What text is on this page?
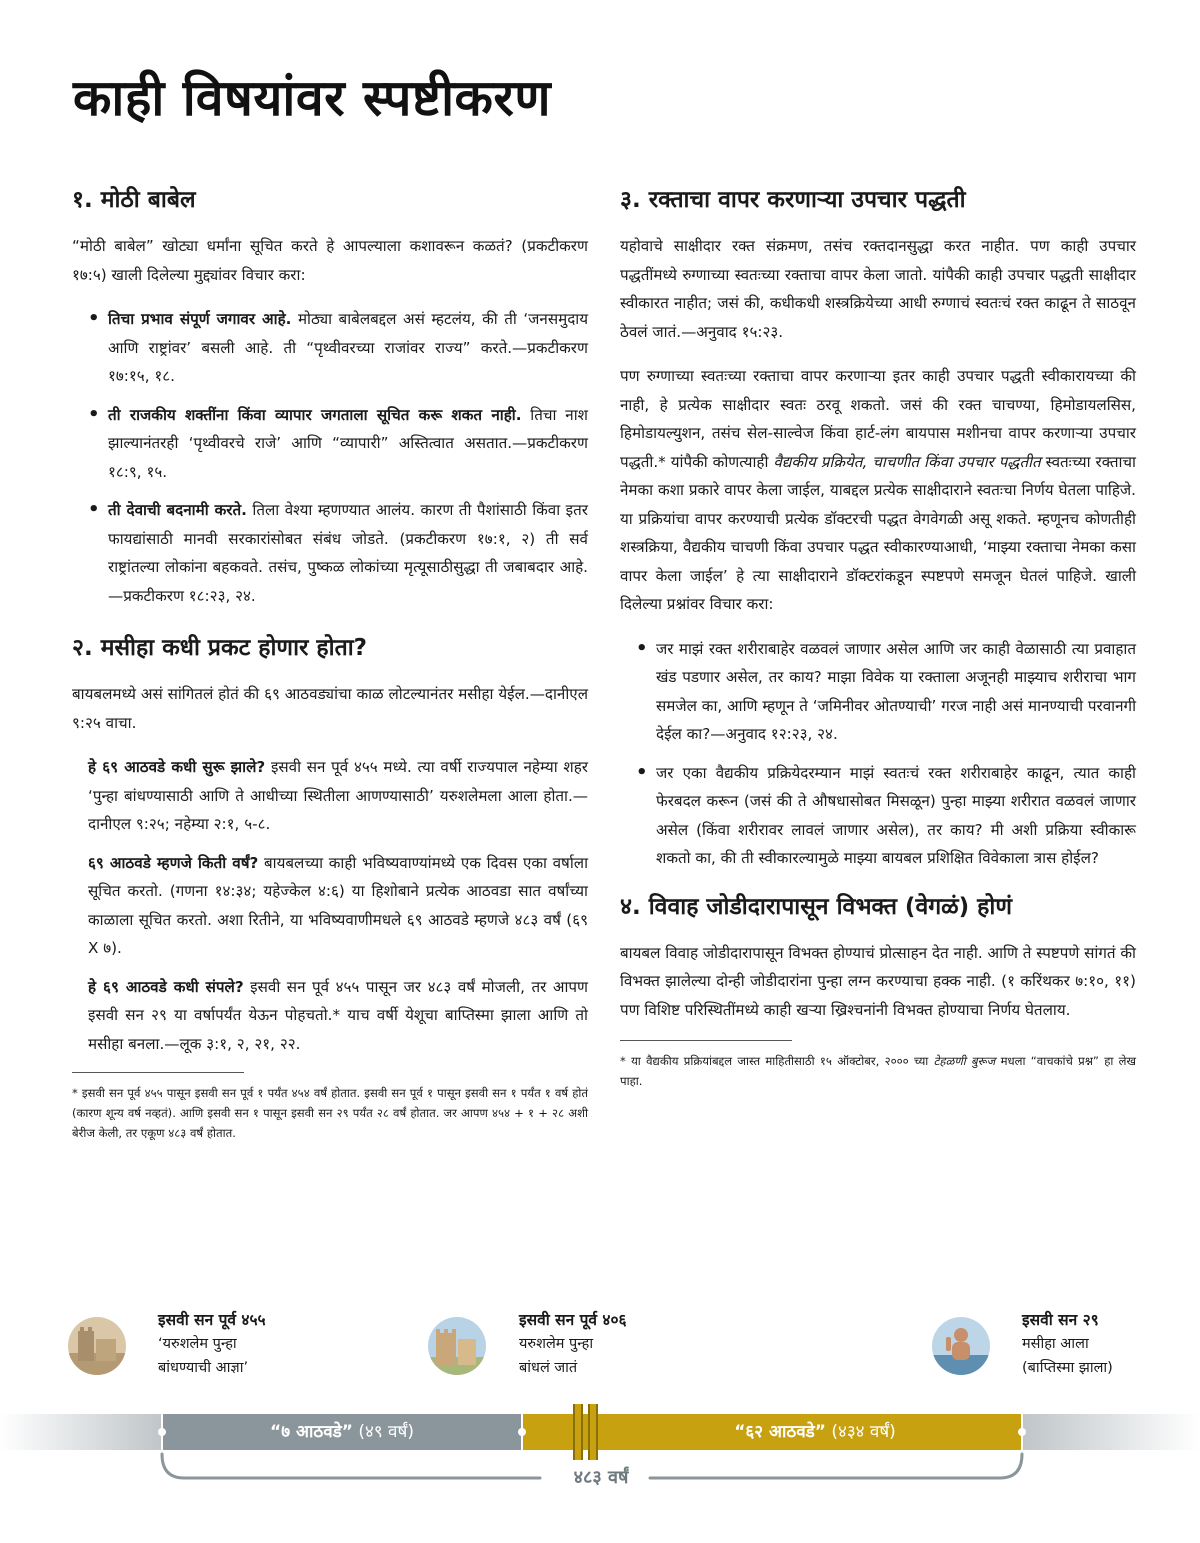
काही विषयांवर स्पष्टीकरण
१. मोठी बाबेल

“मोठी बाबेल” खोट्या धर्मांना सूचित करते हे आपल्याला कशावरून कळतं? (प्रकटीकरण १७:५) खाली दिलेल्या मुद्द्यांवर विचार करा:

• तिचा प्रभाव संपूर्ण जगावर आहे. मोठ्या बाबेलबद्दल असं म्हटलंय, की ती ‘जनसमुदाय आणि राष्ट्रांवर’ बसली आहे. ती “पृथ्वीवरच्या राजांवर राज्य” करते.—प्रकटीकरण १७:१५, १८.
• ती राजकीय शक्तींना किंवा व्यापार जगताला सूचित करू शकत नाही. तिचा नाश झाल्यानंतरही ‘पृथ्वीवरचे राजे’ आणि “व्यापारी” अस्तित्वात असतात.—प्रकटीकरण १८:९, १५.
• ती देवाची बदनामी करते. तिला वेश्या म्हणण्यात आलंय. कारण ती पैशांसाठी किंवा इतर फायद्यांसाठी मानवी सरकारांसोबत संबंध जोडते. (प्रकटीकरण १७:१, २) ती सर्व राष्ट्रांतल्या लोकांना बहकवते. तसंच, पुष्कळ लोकांच्या मृत्यूसाठीसुद्धा ती जबाबदार आहे.—प्रकटीकरण १८:२३, २४.
२. मसीहा कधी प्रकट होणार होता?

बायबलमध्ये असं सांगितलं होतं की ६९ आठवड्यांचा काळ लोटल्यानंतर मसीहा येईल.—दानीएल ९:२५ वाचा.

हे ६९ आठवडे कधी सुरू झाले? इसवी सन पूर्व ४५५ मध्ये. त्या वर्षी राज्यपाल नहेम्या शहर ‘पुन्हा बांधण्यासाठी आणि ते आधीच्या स्थितीला आणण्यासाठी’ यरुशलेमला आला होता.—दानीएल ९:२५; नहेम्या २:१, ५-८.

६९ आठवडे म्हणजे किती वर्षं? बायबलच्या काही भविष्यवाण्यांमध्ये एक दिवस एका वर्षाला सूचित करतो. (गणना १४:३४; यहेज्केल ४:६) या हिशोबाने प्रत्येक आठवडा सात वर्षांच्या काळाला सूचित करतो. अशा रितीने, या भविष्यवाणीमधले ६९ आठवडे म्हणजे ४८३ वर्षं (६९ X ७).

हे ६९ आठवडे कधी संपले? इसवी सन पूर्व ४५५ पासून जर ४८३ वर्षं मोजली, तर आपण इसवी सन २९ या वर्षापर्यंत येऊन पोहचतो.* याच वर्षी येशूचा बाप्तिस्मा झाला आणि तो मसीहा बनला.—लूक ३:१, २, २१, २२.

* इसवी सन पूर्व ४५५ पासून इसवी सन पूर्व १ पर्यंत ४५४ वर्षं होतात. इसवी सन पूर्व १ पासून इसवी सन १ पर्यंत १ वर्ष होतं (कारण शून्य वर्ष नव्हतं). आणि इसवी सन १ पासून इसवी सन २९ पर्यंत २८ वर्षं होतात. जर आपण ४५४ + १ + २८ अशी बेरीज केली, तर एकूण ४८३ वर्षं होतात.

३. रक्ताचा वापर करणाऱ्या उपचार पद्धती

यहोवाचे साक्षीदार रक्त संक्रमण, तसंच रक्तदानसुद्धा करत नाहीत. पण काही उपचार पद्धतींमध्ये रुग्णाच्या स्वतःच्या रक्ताचा वापर केला जातो. यांपैकी काही उपचार पद्धती साक्षीदार स्वीकारत नाहीत; जसं की, कधीकधी शस्त्रक्रियेच्या आधी रुग्णाचं स्वतःचं रक्त काढून ते साठवून ठेवलं जातं.—अनुवाद १५:२३.

पण रुग्णाच्या स्वतःच्या रक्ताचा वापर करणाऱ्या इतर काही उपचार पद्धती स्वीकारायच्या की नाही, हे प्रत्येक साक्षीदार स्वतः ठरवू शकतो. जसं की रक्त चाचण्या, हिमोडायलसिस, हिमोडायल्युशन, तसंच सेल-साल्वेज किंवा हार्ट-लंग बायपास मशीनचा वापर करणाऱ्या उपचार पद्धती.* यांपैकी कोणत्याही वैद्यकीय प्रक्रियेत, चाचणीत किंवा उपचार पद्धतीत स्वतःच्या रक्ताचा नेमका कशा प्रकारे वापर केला जाईल, याबद्दल प्रत्येक साक्षीदाराने स्वतःचा निर्णय घेतला पाहिजे. या प्रक्रियांचा वापर करण्याची प्रत्येक डॉक्टरची पद्धत वेगवेगळी असू शकते. म्हणूनच कोणतीही शस्त्रक्रिया, वैद्यकीय चाचणी किंवा उपचार पद्धत स्वीकारण्याआधी, ‘माझ्या रक्ताचा नेमका कसा वापर केला जाईल’ हे त्या साक्षीदाराने डॉक्टरांकडून स्पष्टपणे समजून घेतलं पाहिजे. खाली दिलेल्या प्रश्नांवर विचार करा:

• जर माझं रक्त शरीराबाहेर वळवलं जाणार असेल आणि जर काही वेळासाठी त्या प्रवाहात खंड पडणार असेल, तर काय? माझा विवेक या रक्ताला अजूनही माझ्याच शरीराचा भाग समजेल का, आणि म्हणून ते ‘जमिनीवर ओतण्याची’ गरज नाही असं मानण्याची परवानगी देईल का?—अनुवाद १२:२३, २४.
• जर एका वैद्यकीय प्रक्रियेदरम्यान माझं स्वतःचं रक्त शरीराबाहेर काढून, त्यात काही फेरबदल करून (जसं की ते औषधासोबत मिसळून) पुन्हा माझ्या शरीरात वळवलं जाणार असेल (किंवा शरीरावर लावलं जाणार असेल), तर काय? मी अशी प्रक्रिया स्वीकारू शकतो का, की ती स्वीकारल्यामुळे माझ्या बायबल प्रशिक्षित विवेकाला त्रास होईल?
४. विवाह जोडीदारापासून विभक्त (वेगळं) होणं

बायबल विवाह जोडीदारापासून विभक्त होण्याचं प्रोत्साहन देत नाही. आणि ते स्पष्टपणे सांगतं की विभक्त झालेल्या दोन्ही जोडीदारांना पुन्हा लग्न करण्याचा हक्क नाही. (१ करिंथकर ७:१०, ११) पण विशिष्ट परिस्थितींमध्ये काही खऱ्या ख्रिश्चनांनी विभक्त होण्याचा निर्णय घेतलाय.

* या वैद्यकीय प्रक्रियांबद्दल जास्त माहितीसाठी १५ ऑक्टोबर, २००० च्या टेहळणी बुरूज मधला “वाचकांचे प्रश्न” हा लेख पाहा.

इसवी सन पूर्व ४५५
‘यरुशलेम पुन्हा
बांधण्याची आज्ञा’
इसवी सन पूर्व ४०६
यरुशलेम पुन्हा
बांधलं जातं
इसवी सन २९
मसीहा आला
(बाप्तिस्मा झाला)
“७ आठवडे” (४९ वर्षं)	“६२ आठवडे” (४३४ वर्षं)
४८३ वर्षं
